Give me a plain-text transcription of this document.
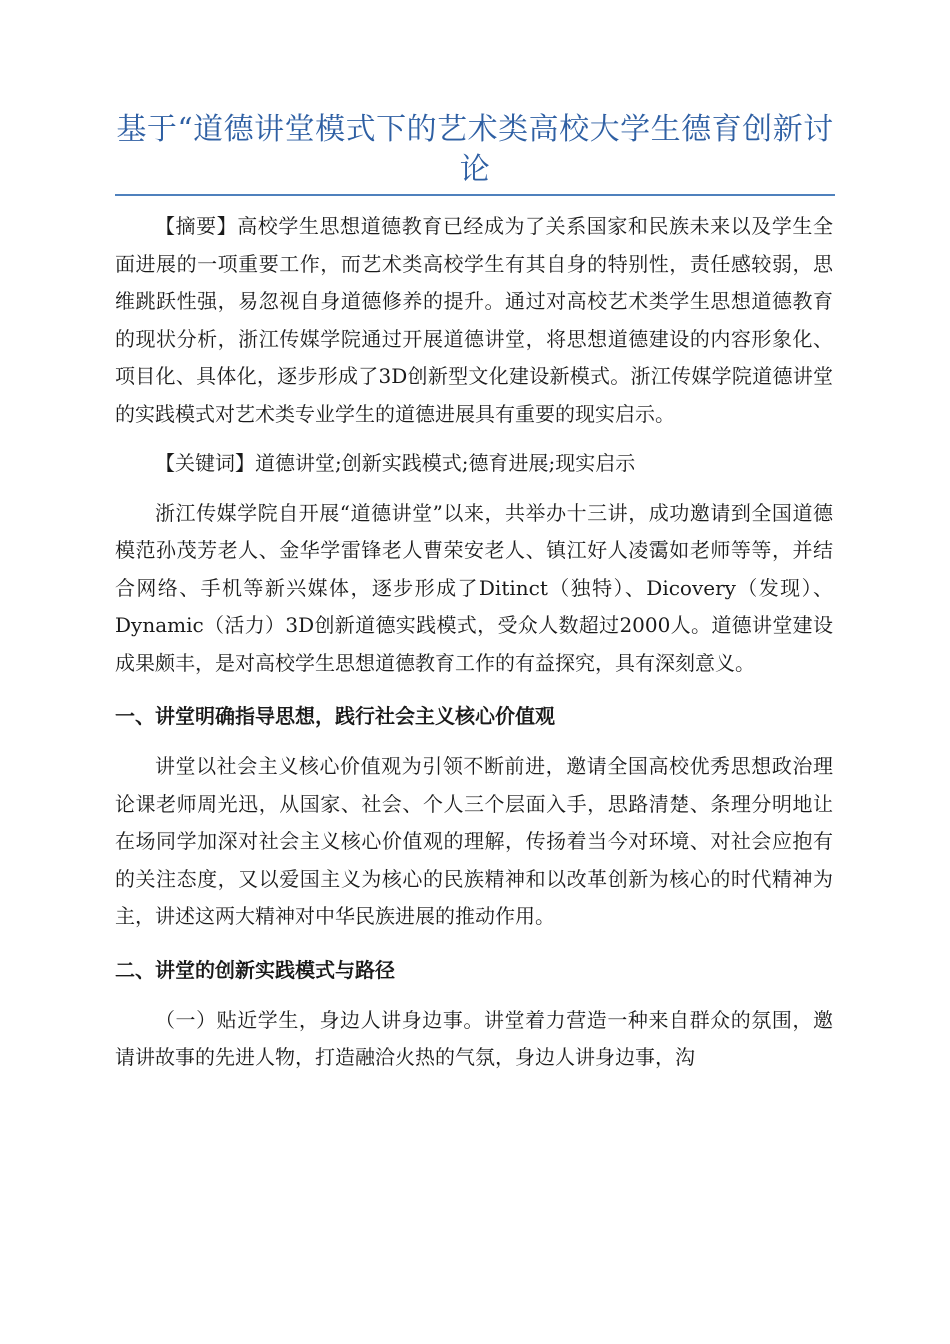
基于“道德讲堂模式下的艺术类高校大学生德育创新讨论

【摘要】高校学生思想道德教育已经成为了关系国家和民族未来以及学生全面进展的一项重要工作，而艺术类高校学生有其自身的特别性，责任感较弱，思维跳跃性强，易忽视自身道德修养的提升。通过对高校艺术类学生思想道德教育的现状分析，浙江传媒学院通过开展道德讲堂，将思想道德建设的内容形象化、项目化、具体化，逐步形成了3D创新型文化建设新模式。浙江传媒学院道德讲堂的实践模式对艺术类专业学生的道德进展具有重要的现实启示。

【关键词】道德讲堂;创新实践模式;德育进展;现实启示

浙江传媒学院自开展“道德讲堂”以来，共举办十三讲，成功邀请到全国道德模范孙茂芳老人、金华学雷锋老人曹荣安老人、镇江好人凌霭如老师等等，并结合网络、手机等新兴媒体，逐步形成了Ditinct（独特）、Dicovery（发现）、Dynamic（活力）3D创新道德实践模式，受众人数超过2000人。道德讲堂建设成果颇丰，是对高校学生思想道德教育工作的有益探究，具有深刻意义。

一、讲堂明确指导思想，践行社会主义核心价值观

讲堂以社会主义核心价值观为引领不断前进，邀请全国高校优秀思想政治理论课老师周光迅，从国家、社会、个人三个层面入手，思路清楚、条理分明地让在场同学加深对社会主义核心价值观的理解，传扬着当今对环境、对社会应抱有的关注态度，又以爱国主义为核心的民族精神和以改革创新为核心的时代精神为主，讲述这两大精神对中华民族进展的推动作用。

二、讲堂的创新实践模式与路径

（一）贴近学生，身边人讲身边事。讲堂着力营造一种来自群众的氛围，邀请讲故事的先进人物，打造融洽火热的气氛，身边人讲身边事，沟
